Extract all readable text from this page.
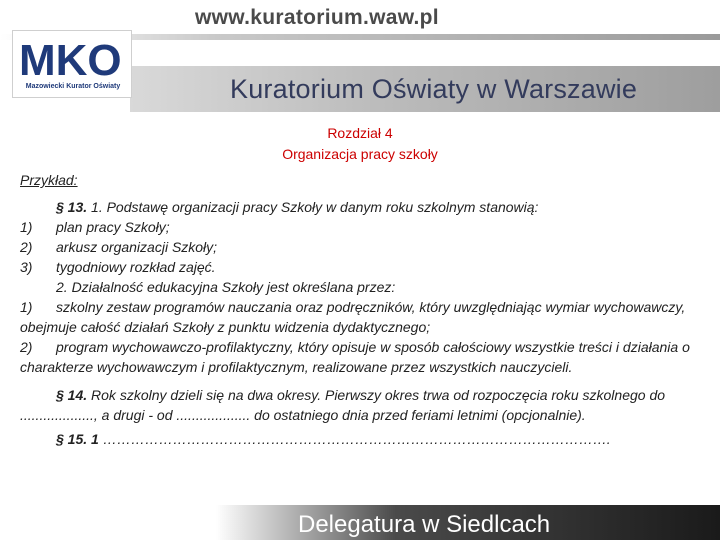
www.kuratorium.waw.pl
Kuratorium Oświaty w Warszawie
MKO
Mazowiecki Kurator Oświaty
Rozdział 4
Organizacja pracy szkoły
Przykład:
§ 13. 1. Podstawę organizacji pracy Szkoły w danym roku szkolnym stanowią:
1) plan pracy Szkoły;
2) arkusz organizacji Szkoły;
3) tygodniowy rozkład zajęć.
2. Działalność edukacyjna Szkoły jest określana przez:
1) szkolny zestaw programów nauczania oraz podręczników, który uwzględniając wymiar wychowawczy, obejmuje całość działań Szkoły z punktu widzenia dydaktycznego;
2) program wychowawczo-profilaktyczny, który opisuje w sposób całościowy wszystkie treści i działania o charakterze wychowawczym i profilaktycznym, realizowane przez wszystkich nauczycieli.
§ 14. Rok szkolny dzieli się na dwa okresy. Pierwszy okres trwa od rozpoczęcia roku szkolnego do ..................., a drugi - od ................... do ostatniego dnia przed feriami letnimi (opcjonalnie).
§ 15. 1 ……………………………………………………………………………………………….
Delegatura w Siedlcach
